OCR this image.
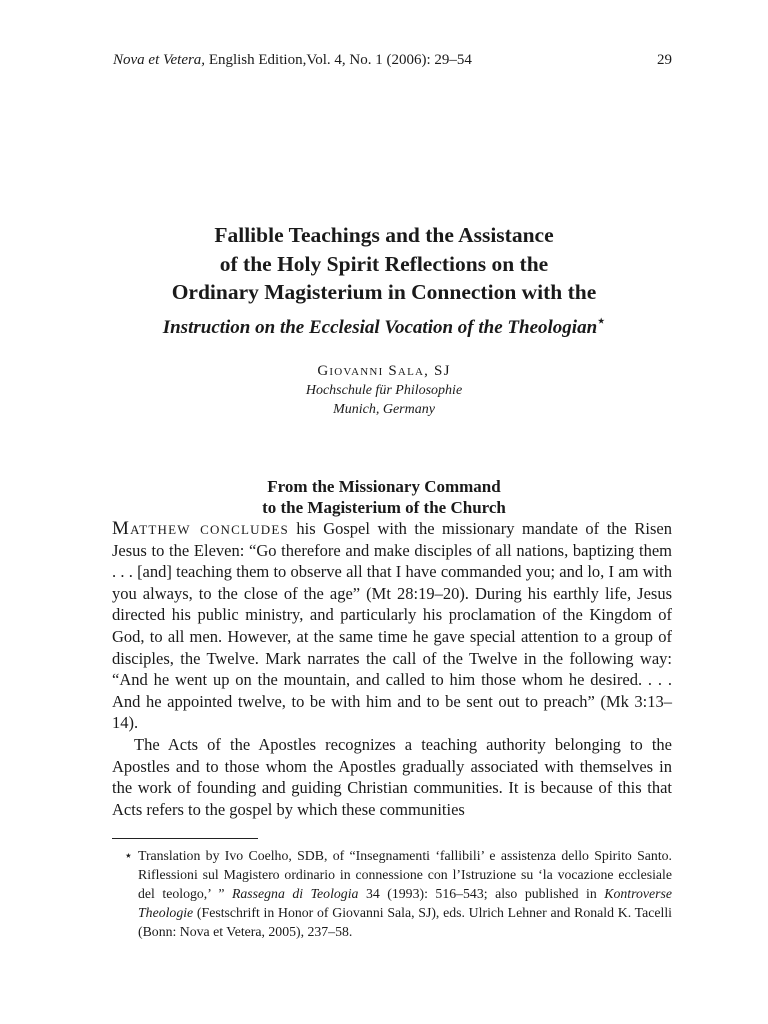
Nova et Vetera, English Edition,Vol. 4, No. 1 (2006): 29–54	29
Fallible Teachings and the Assistance
of the Holy Spirit Reflections on the
Ordinary Magisterium in Connection with the
Instruction on the Ecclesial Vocation of the Theologian⋆
Giovanni Sala, SJ
Hochschule für Philosophie
Munich, Germany
From the Missionary Command
to the Magisterium of the Church

Matthew concludes his Gospel with the missionary mandate of the Risen Jesus to the Eleven: “Go therefore and make disciples of all nations, baptizing them . . . [and] teaching them to observe all that I have commanded you; and lo, I am with you always, to the close of the age” (Mt 28:19–20). During his earthly life, Jesus directed his public ministry, and particularly his proclamation of the Kingdom of God, to all men. However, at the same time he gave special attention to a group of disciples, the Twelve. Mark narrates the call of the Twelve in the following way: “And he went up on the mountain, and called to him those whom he desired. . . . And he appointed twelve, to be with him and to be sent out to preach” (Mk 3:13–14).

The Acts of the Apostles recognizes a teaching authority belonging to the Apostles and to those whom the Apostles gradually associated with themselves in the work of founding and guiding Christian communities. It is because of this that Acts refers to the gospel by which these communities

⋆ Translation by Ivo Coelho, SDB, of “Insegnamenti ‘fallibili’ e assistenza dello Spirito Santo. Riflessioni sul Magistero ordinario in connessione con l’Istruzione su ‘la vocazione ecclesiale del teologo,’ ” Rassegna di Teologia 34 (1993): 516–543; also published in Kontroverse Theologie (Festschrift in Honor of Giovanni Sala, SJ), eds. Ulrich Lehner and Ronald K. Tacelli (Bonn: Nova et Vetera, 2005), 237–58.
